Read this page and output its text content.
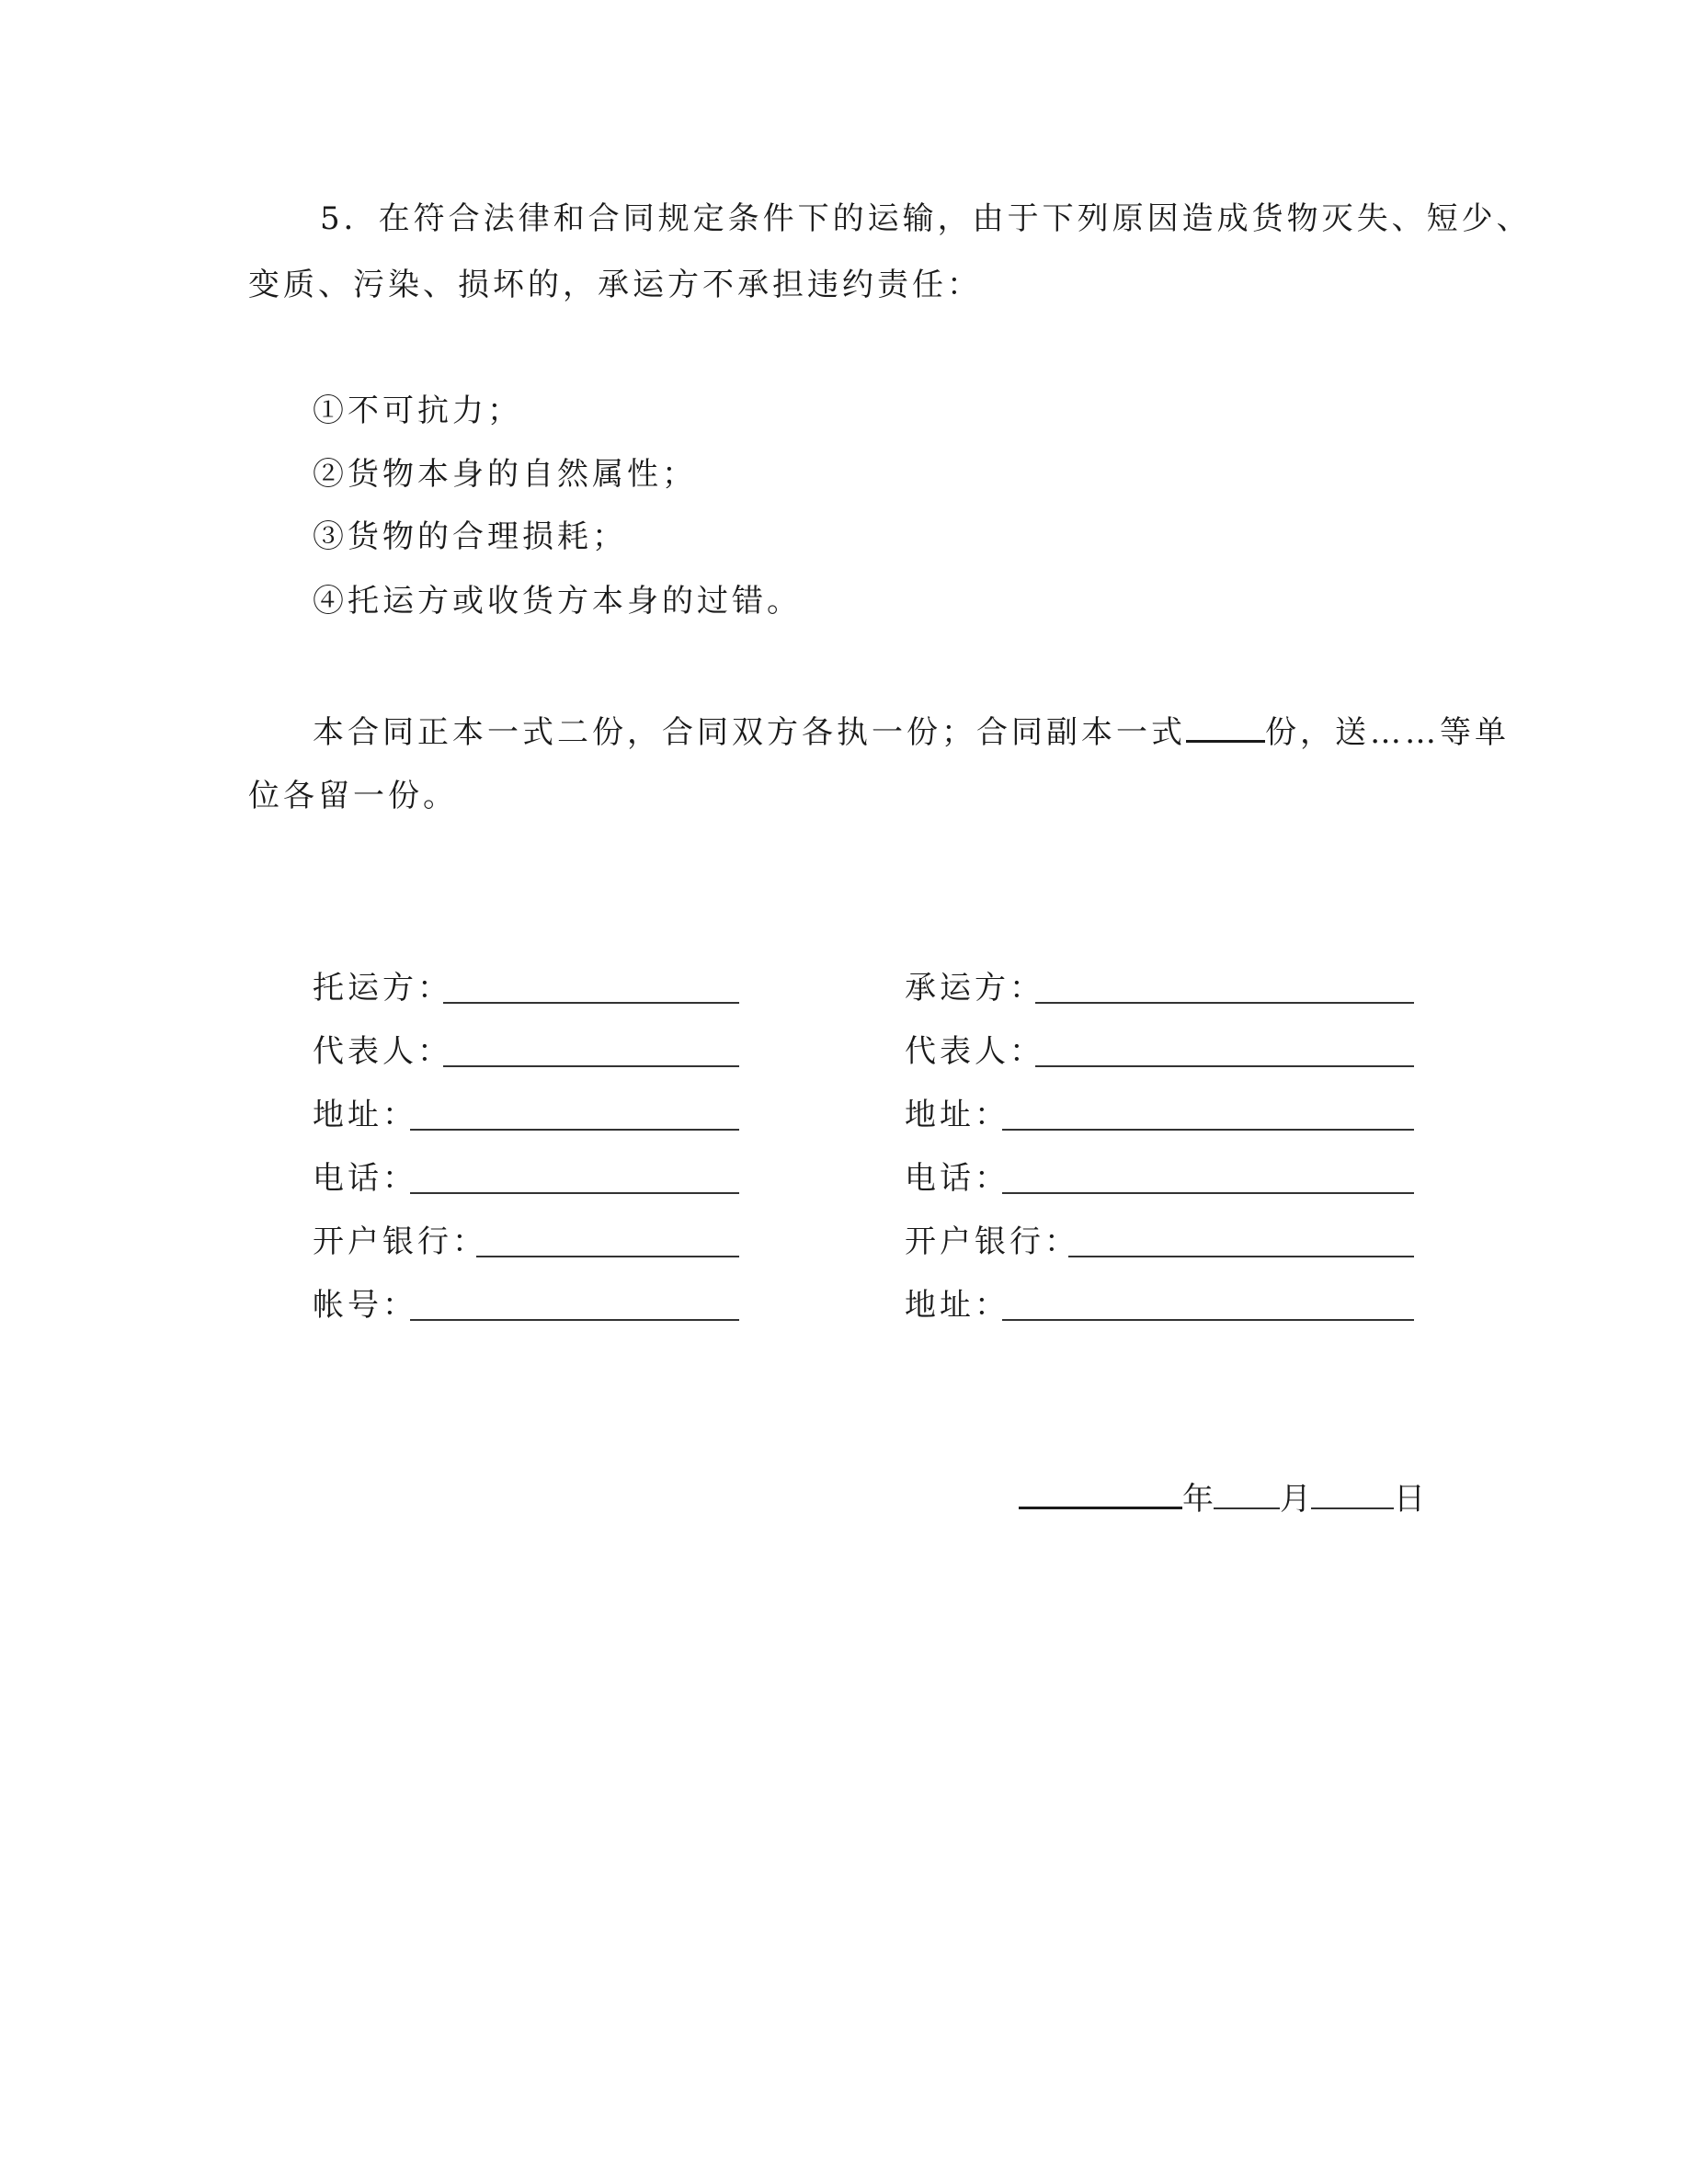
5．在符合法律和合同规定条件下的运输，由于下列原因造成货物灭失、短少、
变质、污染、损坏的，承运方不承担违约责任：
①不可抗力；
②货物本身的自然属性；
③货物的合理损耗；
④托运方或收货方本身的过错。
本合同正本一式二份，合同双方各执一份；合同副本一式	份，送……等单
位各留一份。
托运方：
代表人：
地址：
电话：
开户银行：
帐号：
承运方：
代表人：
地址：
电话：
开户银行：
地址：
年 月	日
